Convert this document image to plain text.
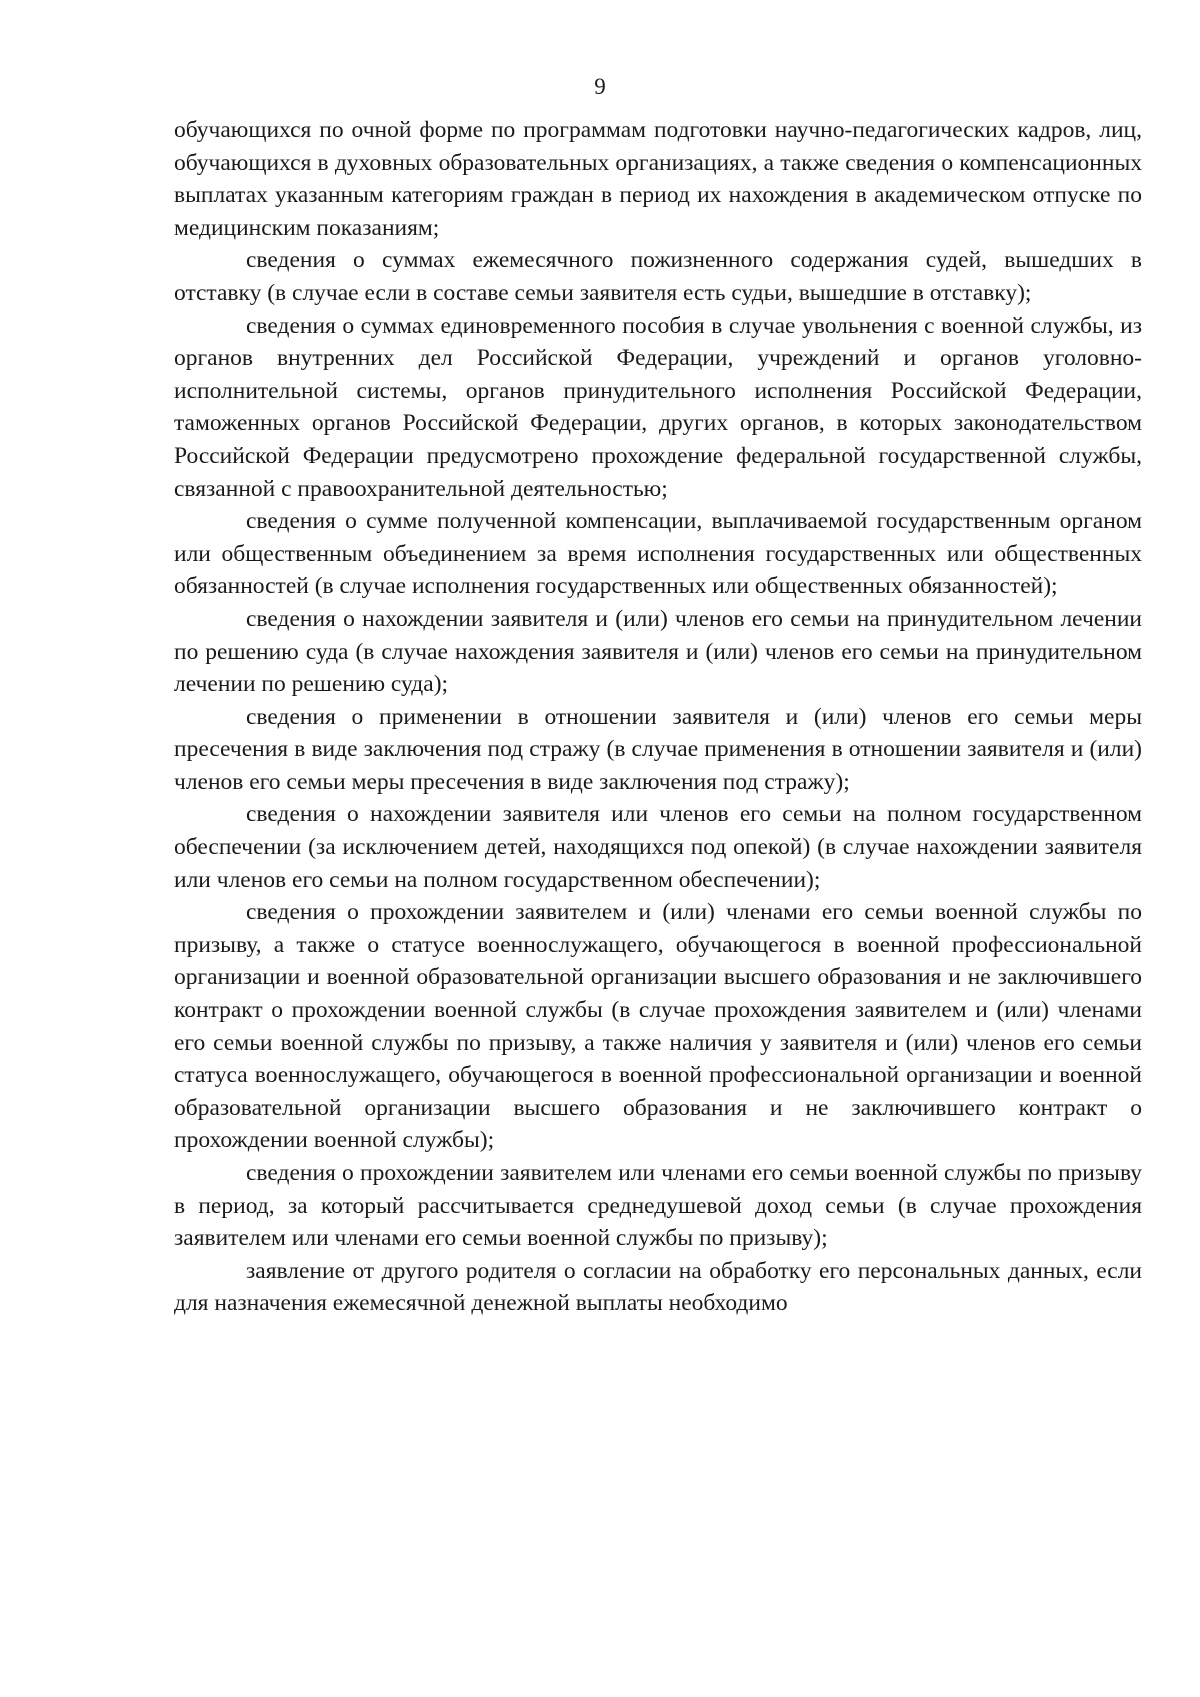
9

обучающихся по очной форме по программам подготовки научно-педагогических кадров, лиц, обучающихся в духовных образовательных организациях, а также сведения о компенсационных выплатах указанным категориям граждан в период их нахождения в академическом отпуске по медицинским показаниям;

сведения о суммах ежемесячного пожизненного содержания судей, вышедших в отставку (в случае если в составе семьи заявителя есть судьи, вышедшие в отставку);

сведения о суммах единовременного пособия в случае увольнения с военной службы, из органов внутренних дел Российской Федерации, учреждений и органов уголовно-исполнительной системы, органов принудительного исполнения Российской Федерации, таможенных органов Российской Федерации, других органов, в которых законодательством Российской Федерации предусмотрено прохождение федеральной государственной службы, связанной с правоохранительной деятельностью;

сведения о сумме полученной компенсации, выплачиваемой государственным органом или общественным объединением за время исполнения государственных или общественных обязанностей (в случае исполнения государственных или общественных обязанностей);

сведения о нахождении заявителя и (или) членов его семьи на принудительном лечении по решению суда (в случае нахождения заявителя и (или) членов его семьи на принудительном лечении по решению суда);

сведения о применении в отношении заявителя и (или) членов его семьи меры пресечения в виде заключения под стражу (в случае применения в отношении заявителя и (или) членов его семьи меры пресечения в виде заключения под стражу);

сведения о нахождении заявителя или членов его семьи на полном государственном обеспечении (за исключением детей, находящихся под опекой) (в случае нахождении заявителя или членов его семьи на полном государственном обеспечении);

сведения о прохождении заявителем и (или) членами его семьи военной службы по призыву, а также о статусе военнослужащего, обучающегося в военной профессиональной организации и военной образовательной организации высшего образования и не заключившего контракт о прохождении военной службы (в случае прохождения заявителем и (или) членами его семьи военной службы по призыву, а также наличия у заявителя и (или) членов его семьи статуса военнослужащего, обучающегося в военной профессиональной организации и военной образовательной организации высшего образования и не заключившего контракт о прохождении военной службы);

сведения о прохождении заявителем или членами его семьи военной службы по призыву в период, за который рассчитывается среднедушевой доход семьи (в случае прохождения заявителем или членами его семьи военной службы по призыву);

заявление от другого родителя о согласии на обработку его персональных данных, если для назначения ежемесячной денежной выплаты необходимо
